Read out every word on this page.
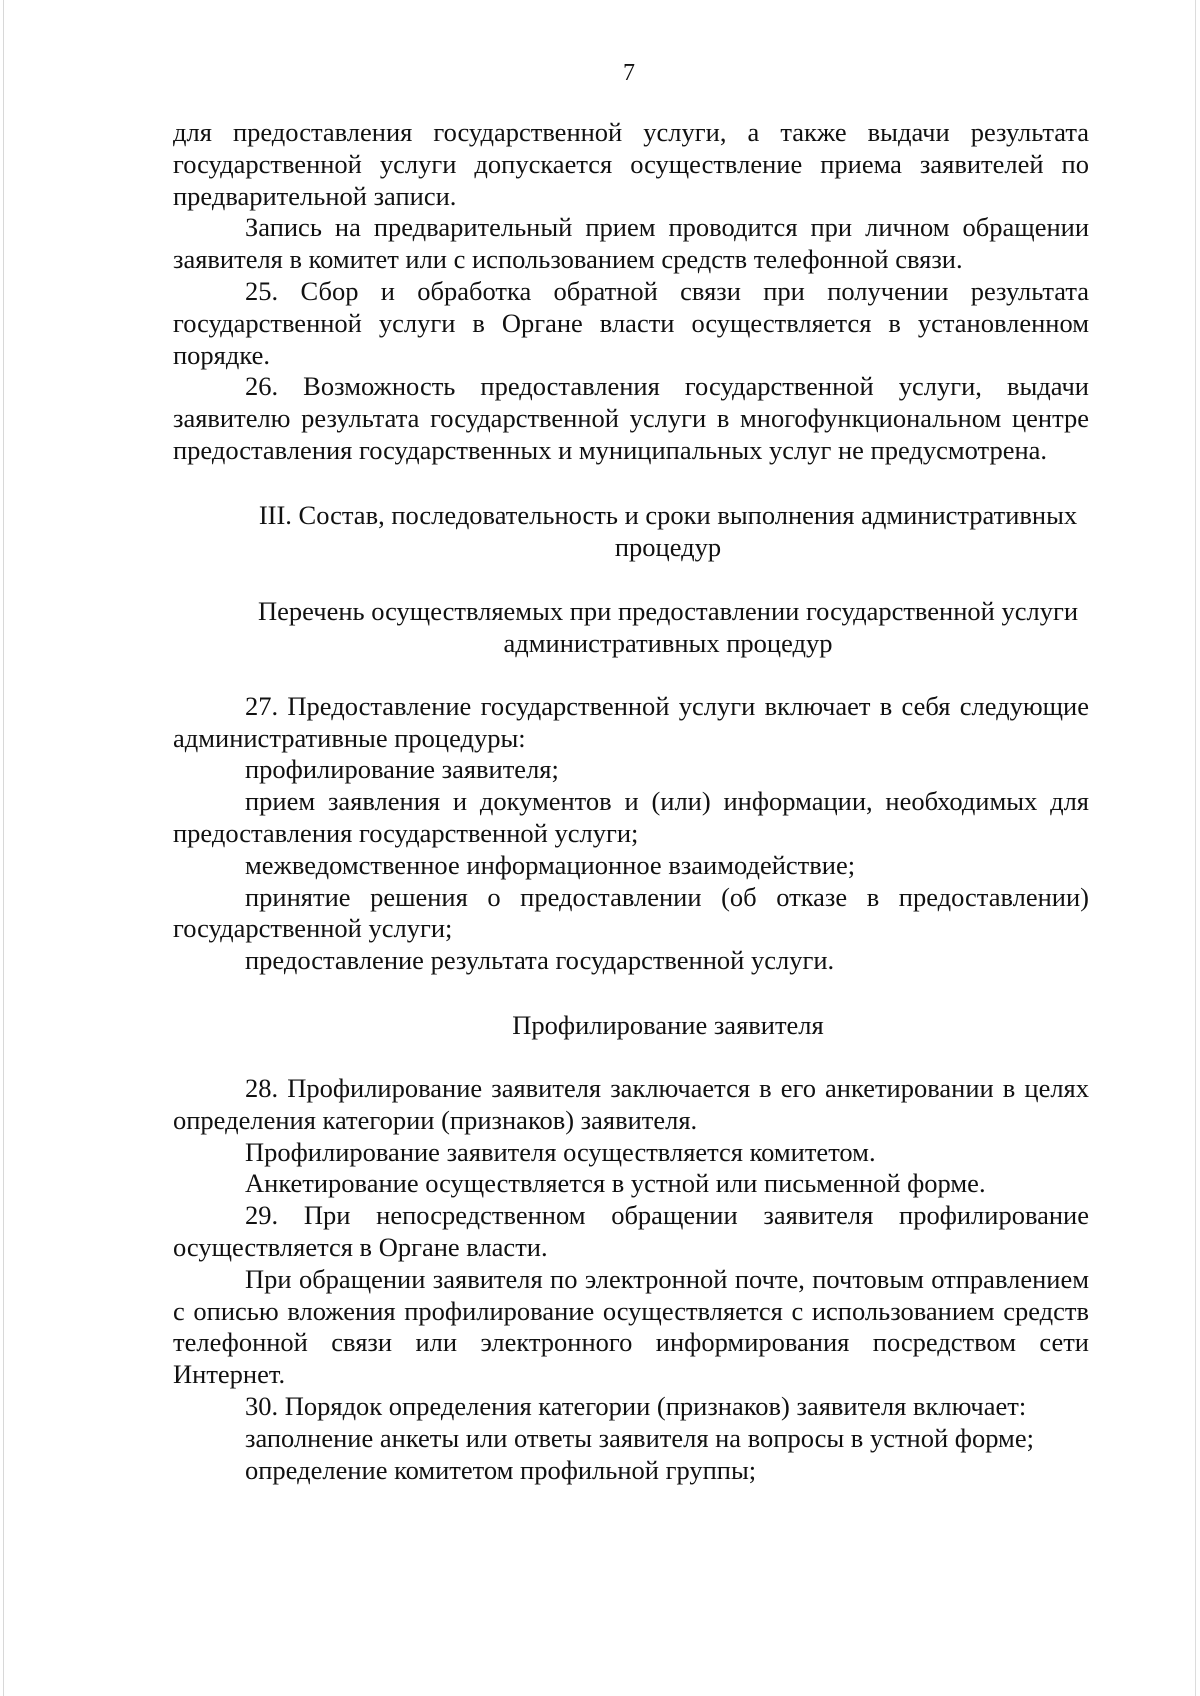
7

для предоставления государственной услуги, а также выдачи результата государственной услуги допускается осуществление приема заявителей по предварительной записи.

Запись на предварительный прием проводится при личном обращении заявителя в комитет или с использованием средств телефонной связи.

25. Сбор и обработка обратной связи при получении результата государственной услуги в Органе власти осуществляется в установленном порядке.

26. Возможность предоставления государственной услуги, выдачи заявителю результата государственной услуги в многофункциональном центре предоставления государственных и муниципальных услуг не предусмотрена.

III. Состав, последовательность и сроки выполнения административных процедур
Перечень осуществляемых при предоставлении государственной услуги административных процедур

27. Предоставление государственной услуги включает в себя следующие административные процедуры:

профилирование заявителя;

прием заявления и документов и (или) информации, необходимых для предоставления государственной услуги;

межведомственное информационное взаимодействие;

принятие решения о предоставлении (об отказе в предоставлении) государственной услуги;

предоставление результата государственной услуги.

Профилирование заявителя

28. Профилирование заявителя заключается в его анкетировании в целях определения категории (признаков) заявителя.

Профилирование заявителя осуществляется комитетом.

Анкетирование осуществляется в устной или письменной форме.

29. При непосредственном обращении заявителя профилирование осуществляется в Органе власти.

При обращении заявителя по электронной почте, почтовым отправлением с описью вложения профилирование осуществляется с использованием средств телефонной связи или электронного информирования посредством сети Интернет.

30. Порядок определения категории (признаков) заявителя включает:

заполнение анкеты или ответы заявителя на вопросы в устной форме;

определение комитетом профильной группы;
